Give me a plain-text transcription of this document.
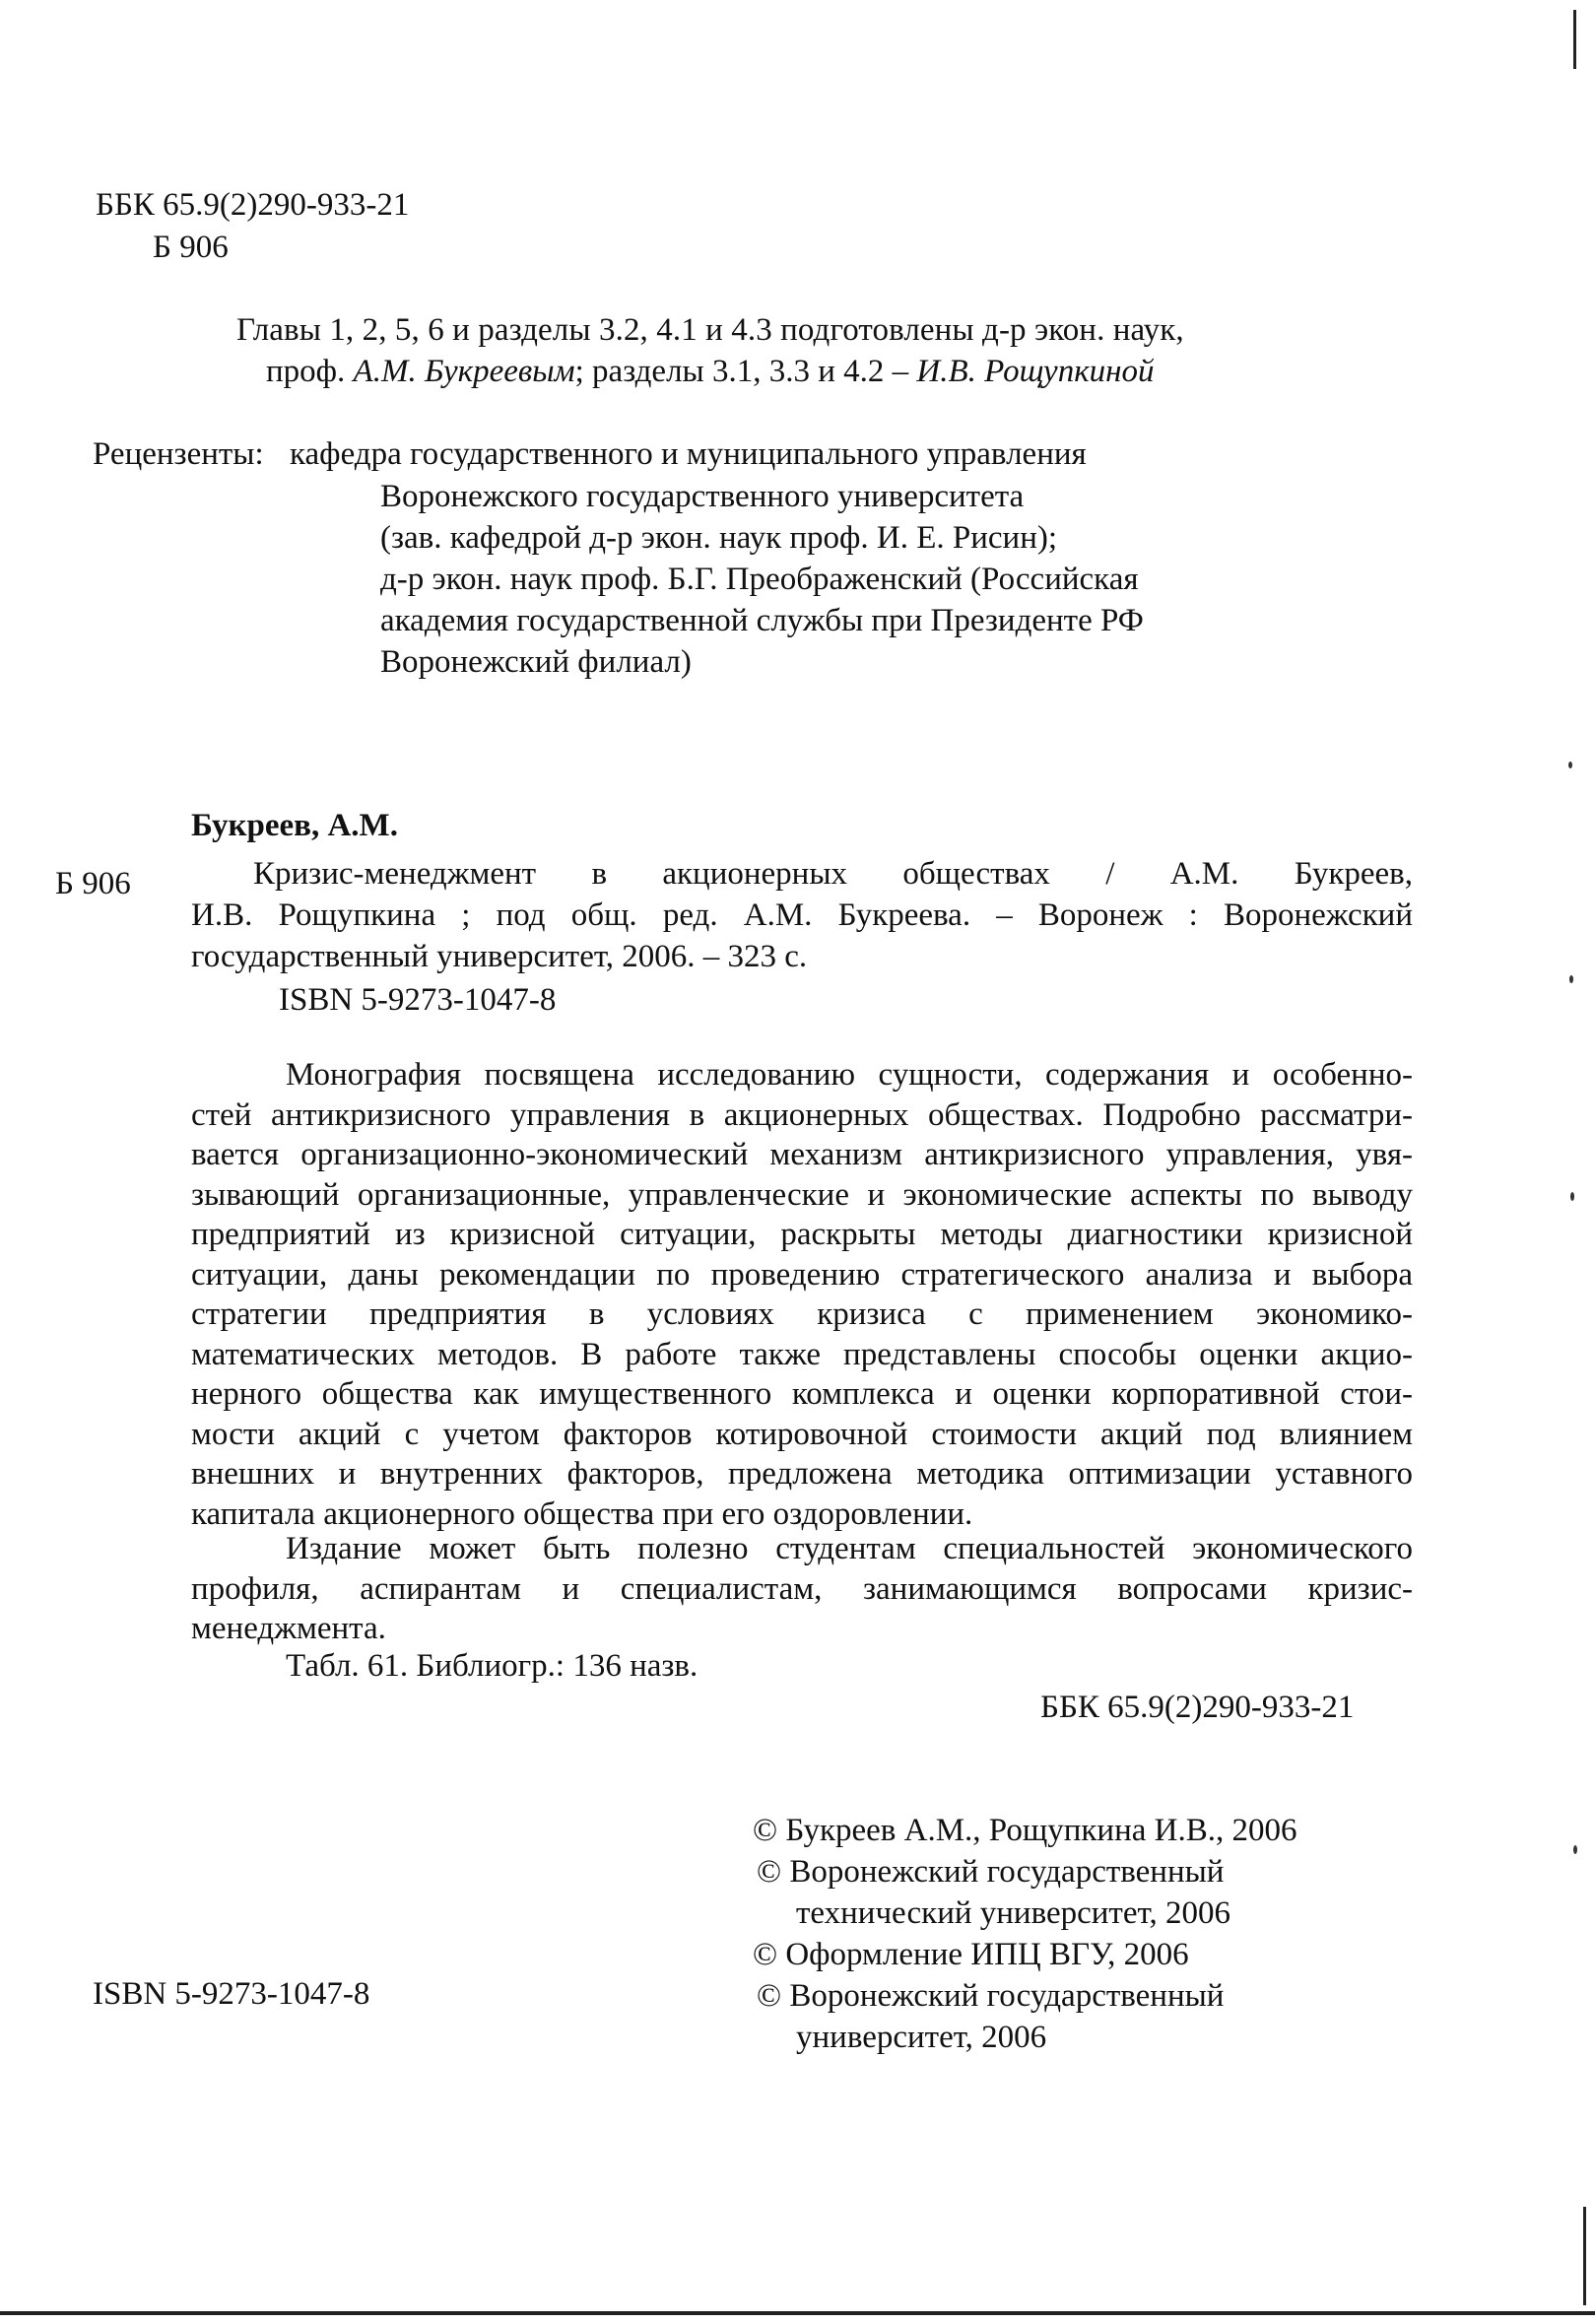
ББК 65.9(2)290-933-21
Б 906
Главы 1, 2, 5, 6 и разделы 3.2, 4.1 и 4.3 подготовлены д-р экон. наук,
проф. А.М. Букреевым; разделы 3.1, 3.3 и 4.2 – И.В. Рощупкиной
Рецензенты: кафедра государственного и муниципального управления
Воронежского государственного университета
(зав. кафедрой д-р экон. наук проф. И. Е. Рисин);
д-р экон. наук проф. Б.Г. Преображенский (Российская
академия государственной службы при Президенте РФ
Воронежский филиал)
Букреев, А.М.
Б 906	Кризис-менеджмент в акционерных обществах / А.М. Букреев,
И.В. Рощупкина ; под общ. ред. А.М. Букреева. – Воронеж : Воронежский
государственный университет, 2006. – 323 с.
ISBN 5-9273-1047-8
Монография посвящена исследованию сущности, содержания и особенно-
стей антикризисного управления в акционерных обществах. Подробно рассматри-
вается организационно-экономический механизм антикризисного управления, увя-
зывающий организационные, управленческие и экономические аспекты по выводу
предприятий из кризисной ситуации, раскрыты методы диагностики кризисной
ситуации, даны рекомендации по проведению стратегического анализа и выбора
стратегии предприятия в условиях кризиса с применением экономико-
математических методов. В работе также представлены способы оценки акцио-
нерного общества как имущественного комплекса и оценки корпоративной стои-
мости акций с учетом факторов котировочной стоимости акций под влиянием
внешних и внутренних факторов, предложена методика оптимизации уставного
капитала акционерного общества при его оздоровлении.
Издание может быть полезно студентам специальностей экономического
профиля, аспирантам и специалистам, занимающимся вопросами кризис-
менеджмента.
Табл. 61. Библиогр.: 136 назв.
ББК 65.9(2)290-933-21
© Букреев А.М., Рощупкина И.В., 2006
© Воронежский государственный
технический университет, 2006
© Оформление ИПЦ ВГУ, 2006
© Воронежский государственный
университет, 2006
ISBN 5-9273-1047-8
